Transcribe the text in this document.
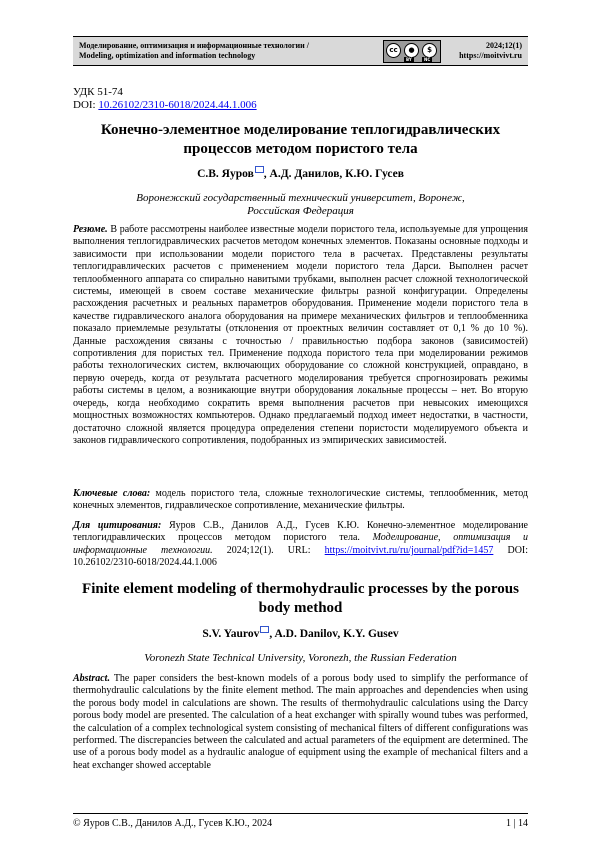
Моделирование, оптимизация и информационные технологии /
Modeling, optimization and information technology
cc	●	$
BY	NC
2024;12(1)
https://moitvivt.ru
УДК 51-74
DOI: 10.26102/2310-6018/2024.44.1.006
Конечно-элементное моделирование теплогидравлических процессов методом пористого тела
С.В. Яуров , А.Д. Данилов, К.Ю. Гусев
Воронежский государственный технический университет, Воронеж,
Российская Федерация
Резюме. В работе рассмотрены наиболее известные модели пористого тела, используемые для упрощения выполнения теплогидравлических расчетов методом конечных элементов. Показаны основные подходы и зависимости при использовании модели пористого тела в расчетах. Представлены результаты теплогидравлических расчетов с применением модели пористого тела Дарси. Выполнен расчет теплообменного аппарата со спирально навитыми трубками, выполнен расчет сложной технологической системы, имеющей в своем составе механические фильтры разной конфигурации. Определены расхождения расчетных и реальных параметров оборудования. Применение модели пористого тела в качестве гидравлического аналога оборудования на примере механических фильтров и теплообменника показало приемлемые результаты (отклонения от проектных величин составляет от 0,1 % до 10 %). Данные расхождения связаны с точностью / правильностью подбора законов (зависимостей) сопротивления для пористых тел. Применение подхода пористого тела при моделировании режимов работы технологических систем, включающих оборудование со сложной конструкцией, оправдано, в первую очередь, когда от результата расчетного моделирования требуется спрогнозировать режимы работы системы в целом, а возникающие внутри оборудования локальные процессы – нет. Во вторую очередь, когда необходимо сократить время выполнения расчетов при невысоких имеющихся мощностных возможностях компьютеров. Однако предлагаемый подход имеет недостатки, в частности, достаточно сложной является процедура определения степени пористости моделируемого объекта и законов гидравлического сопротивления, подобранных из эмпирических зависимостей.
Ключевые слова: модель пористого тела, сложные технологические системы, теплообменник, метод конечных элементов, гидравлическое сопротивление, механические фильтры.
Для цитирования: Яуров С.В., Данилов А.Д., Гусев К.Ю. Конечно-элементное моделирование теплогидравлических процессов методом пористого тела. Моделирование, оптимизация и информационные технологии. 2024;12(1). URL: https://moitvivt.ru/ru/journal/pdf?id=1457 DOI: 10.26102/2310-6018/2024.44.1.006
Finite element modeling of thermohydraulic processes by the porous body method
S.V. Yaurov , A.D. Danilov, K.Y. Gusev
Voronezh State Technical University, Voronezh, the Russian Federation
Abstract. The paper considers the best-known models of a porous body used to simplify the performance of thermohydraulic calculations by the finite element method. The main approaches and dependencies when using the porous body model in calculations are shown. The results of thermohydraulic calculations using the Darcy porous body model are presented. The calculation of a heat exchanger with spirally wound tubes was performed, the calculation of a complex technological system consisting of mechanical filters of different configurations was performed. The discrepancies between the calculated and actual parameters of the equipment are determined. The use of a porous body model as a hydraulic analogue of equipment using the example of mechanical filters and a heat exchanger showed acceptable
© Яуров С.В., Данилов А.Д., Гусев К.Ю., 2024	1 | 14
